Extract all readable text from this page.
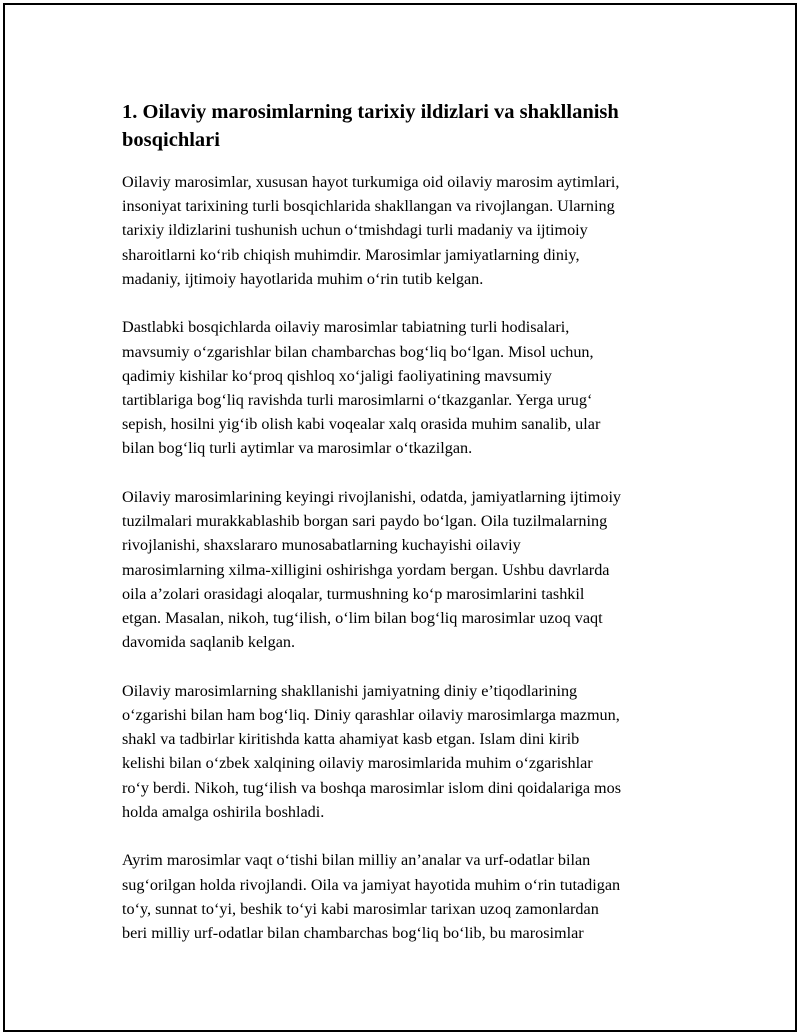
1. Oilaviy marosimlarning tarixiy ildizlari va shakllanish
bosqichlari

Oilaviy marosimlar, xususan hayot turkumiga oid oilaviy marosim aytimlari,
insoniyat tarixining turli bosqichlarida shakllangan va rivojlangan. Ularning
tarixiy ildizlarini tushunish uchun o‘tmishdagi turli madaniy va ijtimoiy
sharoitlarni ko‘rib chiqish muhimdir. Marosimlar jamiyatlarning diniy,
madaniy, ijtimoiy hayotlarida muhim o‘rin tutib kelgan.

Dastlabki bosqichlarda oilaviy marosimlar tabiatning turli hodisalari,
mavsumiy o‘zgarishlar bilan chambarchas bog‘liq bo‘lgan. Misol uchun,
qadimiy kishilar ko‘proq qishloq xo‘jaligi faoliyatining mavsumiy
tartiblariga bog‘liq ravishda turli marosimlarni o‘tkazganlar. Yerga urug‘
sepish, hosilni yig‘ib olish kabi voqealar xalq orasida muhim sanalib, ular
bilan bog‘liq turli aytimlar va marosimlar o‘tkazilgan.

Oilaviy marosimlarining keyingi rivojlanishi, odatda, jamiyatlarning ijtimoiy
tuzilmalari murakkablashib borgan sari paydo bo‘lgan. Oila tuzilmalarning
rivojlanishi, shaxslararo munosabatlarning kuchayishi oilaviy
marosimlarning xilma-xilligini oshirishga yordam bergan. Ushbu davrlarda
oila a’zolari orasidagi aloqalar, turmushning ko‘p marosimlarini tashkil
etgan. Masalan, nikoh, tug‘ilish, o‘lim bilan bog‘liq marosimlar uzoq vaqt
davomida saqlanib kelgan.

Oilaviy marosimlarning shakllanishi jamiyatning diniy e’tiqodlarining
o‘zgarishi bilan ham bog‘liq. Diniy qarashlar oilaviy marosimlarga mazmun,
shakl va tadbirlar kiritishda katta ahamiyat kasb etgan. Islam dini kirib
kelishi bilan o‘zbek xalqining oilaviy marosimlarida muhim o‘zgarishlar
ro‘y berdi. Nikoh, tug‘ilish va boshqa marosimlar islom dini qoidalariga mos
holda amalga oshirila boshladi.

Ayrim marosimlar vaqt o‘tishi bilan milliy an’analar va urf-odatlar bilan
sug‘orilgan holda rivojlandi. Oila va jamiyat hayotida muhim o‘rin tutadigan
to‘y, sunnat to‘yi, beshik to‘yi kabi marosimlar tarixan uzoq zamonlardan
beri milliy urf-odatlar bilan chambarchas bog‘liq bo‘lib, bu marosimlar
